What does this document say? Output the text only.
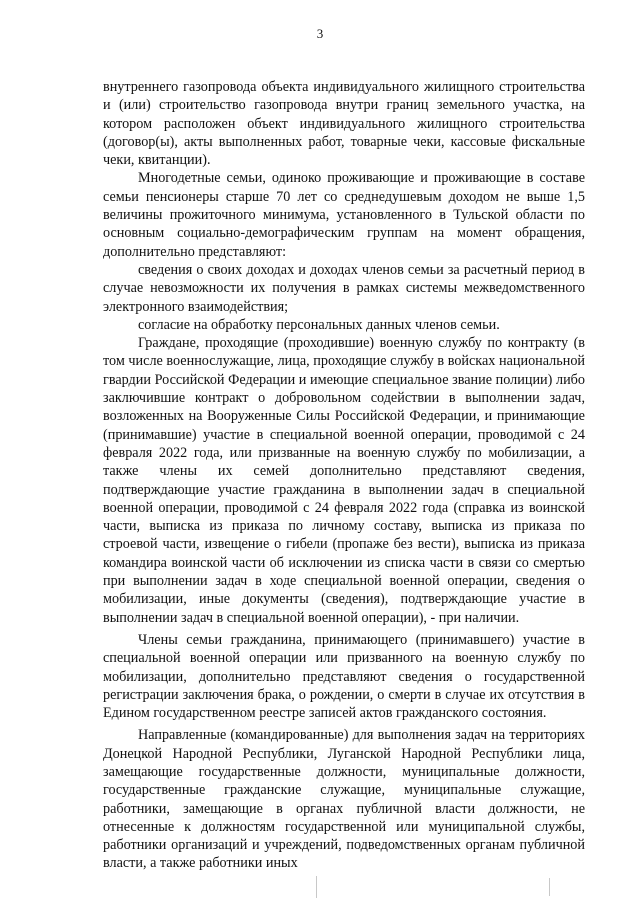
3

внутреннего газопровода объекта индивидуального жилищного строительства и (или) строительство газопровода внутри границ земельного участка, на котором расположен объект индивидуального жилищного строительства (договор(ы), акты выполненных работ, товарные чеки, кассовые фискальные чеки, квитанции).

Многодетные семьи, одиноко проживающие и проживающие в составе семьи пенсионеры старше 70 лет со среднедушевым доходом не выше 1,5 величины прожиточного минимума, установленного в Тульской области по основным социально-демографическим группам на момент обращения, дополнительно представляют:

сведения о своих доходах и доходах членов семьи за расчетный период в случае невозможности их получения в рамках системы межведомственного электронного взаимодействия;

согласие на обработку персональных данных членов семьи.

Граждане, проходящие (проходившие) военную службу по контракту (в том числе военнослужащие, лица, проходящие службу в войсках национальной гвардии Российской Федерации и имеющие специальное звание полиции) либо заключившие контракт о добровольном содействии в выполнении задач, возложенных на Вооруженные Силы Российской Федерации, и принимающие (принимавшие) участие в специальной военной операции, проводимой с 24 февраля 2022 года, или призванные на военную службу по мобилизации, а также члены их семей дополнительно представляют сведения, подтверждающие участие гражданина в выполнении задач в специальной военной операции, проводимой с 24 февраля 2022 года (справка из воинской части, выписка из приказа по личному составу, выписка из приказа по строевой части, извещение о гибели (пропаже без вести), выписка из приказа командира воинской части об исключении из списка части в связи со смертью при выполнении задач в ходе специальной военной операции, сведения о мобилизации, иные документы (сведения), подтверждающие участие в выполнении задач в специальной военной операции), - при наличии.

Члены семьи гражданина, принимающего (принимавшего) участие в специальной военной операции или призванного на военную службу по мобилизации, дополнительно представляют сведения о государственной регистрации заключения брака, о рождении, о смерти в случае их отсутствия в Едином государственном реестре записей актов гражданского состояния.

Направленные (командированные) для выполнения задач на территориях Донецкой Народной Республики, Луганской Народной Республики лица, замещающие государственные должности, муниципальные должности, государственные гражданские служащие, муниципальные служащие, работники, замещающие в органах публичной власти должности, не отнесенные к должностям государственной или муниципальной службы, работники организаций и учреждений, подведомственных органам публичной власти, а также работники иных
